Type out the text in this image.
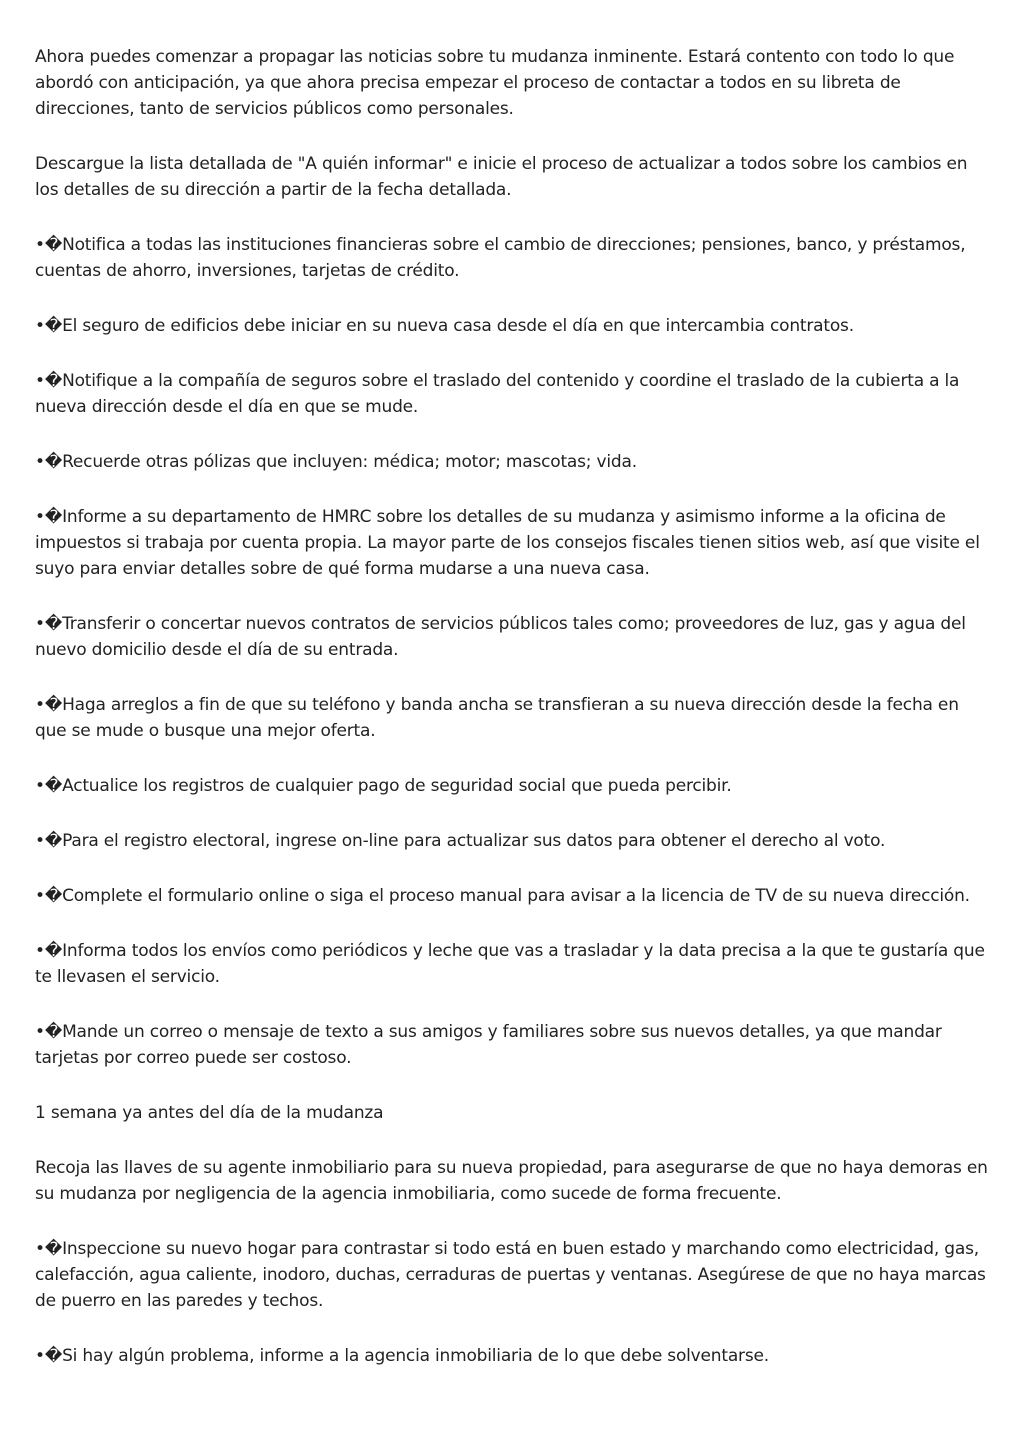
Ahora puedes comenzar a propagar las noticias sobre tu mudanza inminente. Estará contento con todo lo que abordó con anticipación, ya que ahora precisa empezar el proceso de contactar a todos en su libreta de direcciones, tanto de servicios públicos como personales.

Descargue la lista detallada de "A quién informar" e inicie el proceso de actualizar a todos sobre los cambios en los detalles de su dirección a partir de la fecha detallada.

•�Notifica a todas las instituciones financieras sobre el cambio de direcciones; pensiones, banco, y préstamos, cuentas de ahorro, inversiones, tarjetas de crédito.

•�El seguro de edificios debe iniciar en su nueva casa desde el día en que intercambia contratos.

•�Notifique a la compañía de seguros sobre el traslado del contenido y coordine el traslado de la cubierta a la nueva dirección desde el día en que se mude.

•�Recuerde otras pólizas que incluyen: médica; motor; mascotas; vida.

•�Informe a su departamento de HMRC sobre los detalles de su mudanza y asimismo informe a la oficina de impuestos si trabaja por cuenta propia. La mayor parte de los consejos fiscales tienen sitios web, así que visite el suyo para enviar detalles sobre de qué forma mudarse a una nueva casa.

•�Transferir o concertar nuevos contratos de servicios públicos tales como; proveedores de luz, gas y agua del nuevo domicilio desde el día de su entrada.

•�Haga arreglos a fin de que su teléfono y banda ancha se transfieran a su nueva dirección desde la fecha en que se mude o busque una mejor oferta.

•�Actualice los registros de cualquier pago de seguridad social que pueda percibir.

•�Para el registro electoral, ingrese on-line para actualizar sus datos para obtener el derecho al voto.

•�Complete el formulario online o siga el proceso manual para avisar a la licencia de TV de su nueva dirección.

•�Informa todos los envíos como periódicos y leche que vas a trasladar y la data precisa a la que te gustaría que te llevasen el servicio.

•�Mande un correo o mensaje de texto a sus amigos y familiares sobre sus nuevos detalles, ya que mandar tarjetas por correo puede ser costoso.

1 semana ya antes del día de la mudanza

Recoja las llaves de su agente inmobiliario para su nueva propiedad, para asegurarse de que no haya demoras en su mudanza por negligencia de la agencia inmobiliaria, como sucede de forma frecuente.

•�Inspeccione su nuevo hogar para contrastar si todo está en buen estado y marchando como electricidad, gas, calefacción, agua caliente, inodoro, duchas, cerraduras de puertas y ventanas. Asegúrese de que no haya marcas de puerro en las paredes y techos.

•�Si hay algún problema, informe a la agencia inmobiliaria de lo que debe solventarse.
